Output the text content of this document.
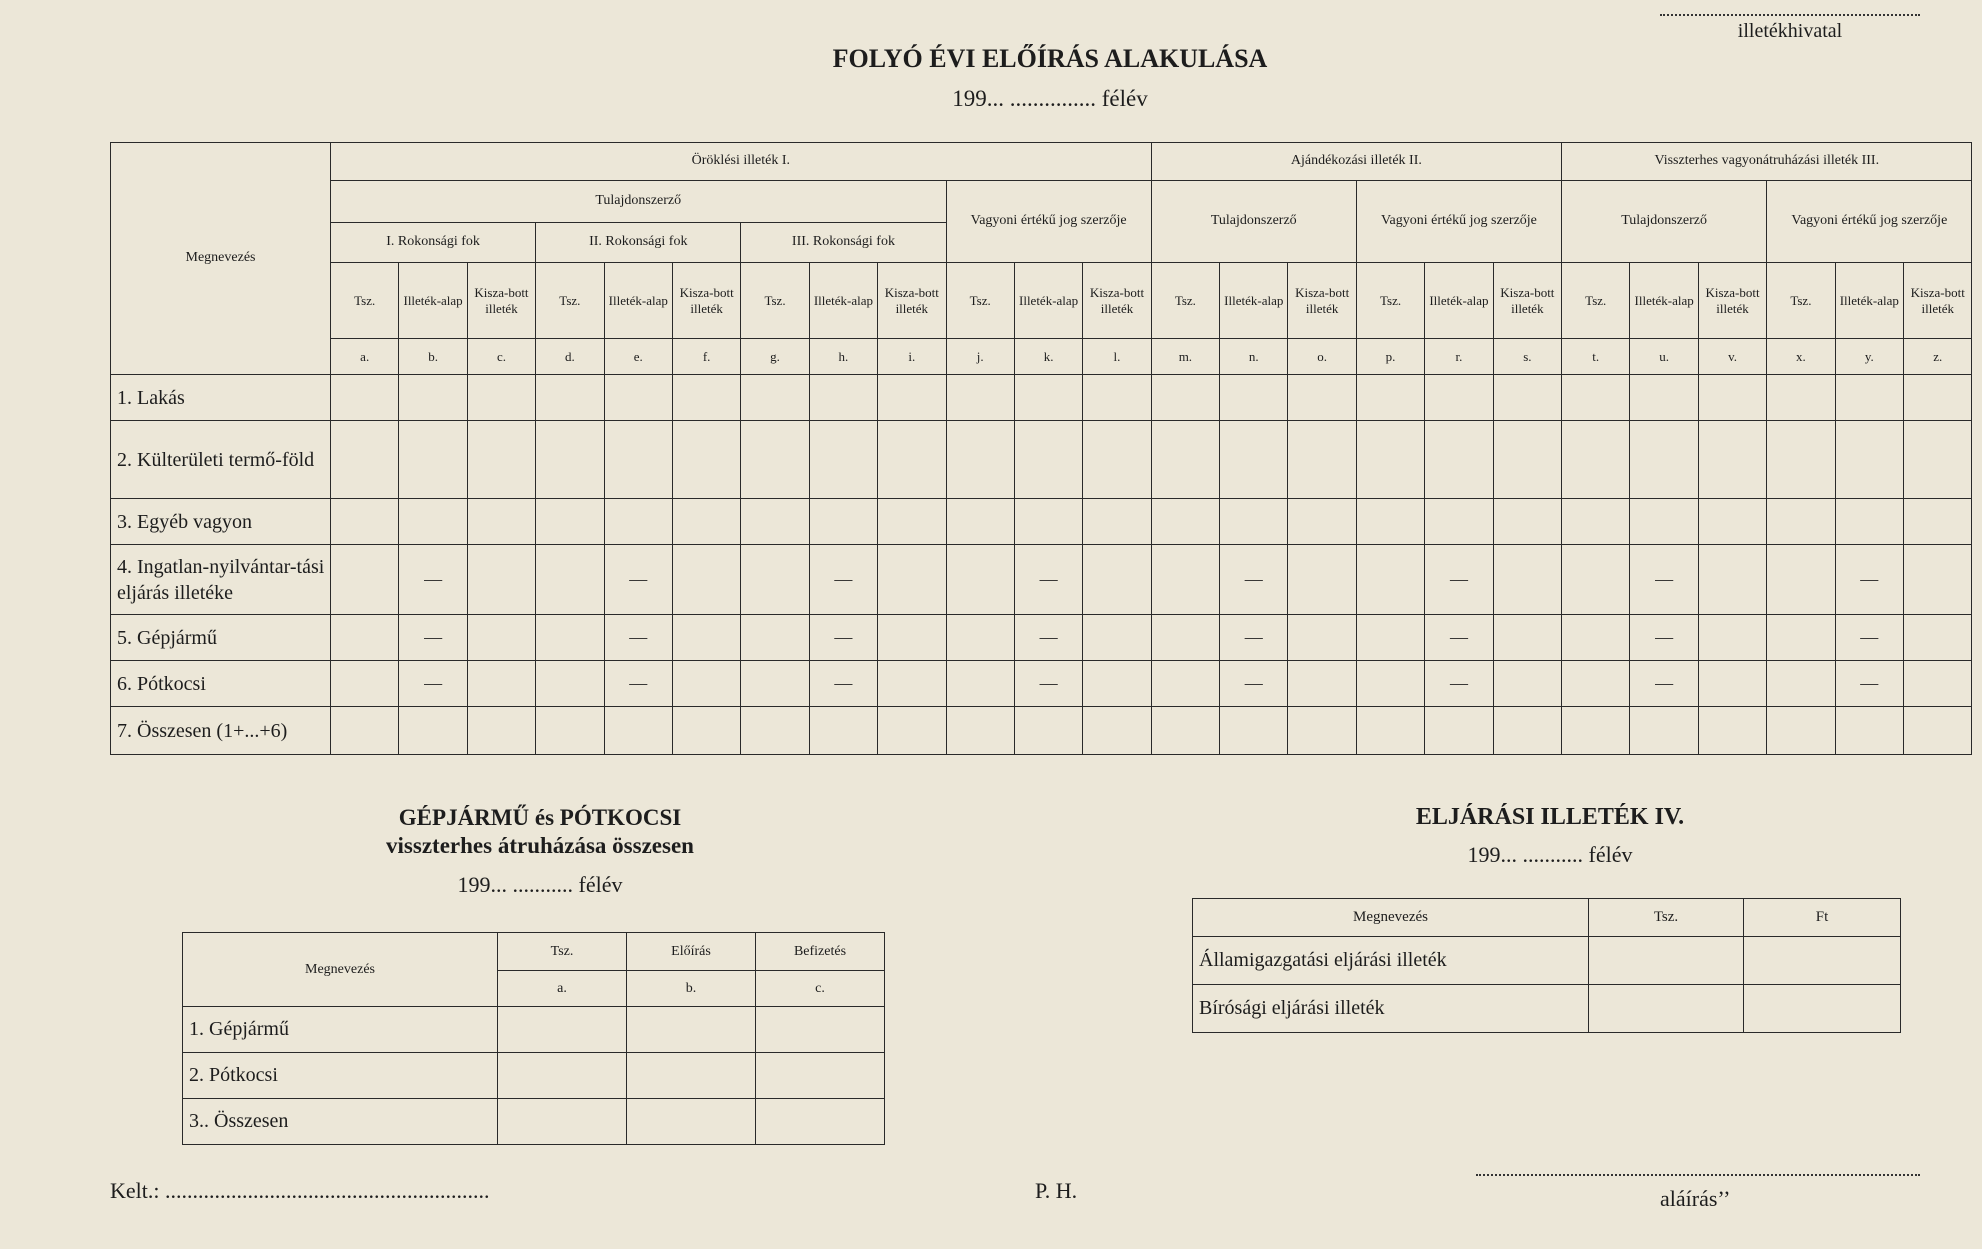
illetékhivatal
FOLYÓ ÉVI ELŐÍRÁS ALAKULÁSA
199... ............... félév
Megnevezés	Öröklési illeték I.												Ajándékozási illeték II.						Visszterhes vagyonátruházási illeték III.					
	Tulajdonszerző									Vagyoni értékű jog szerzője			Tulajdonszerző			Vagyoni értékű jog szerzője			Tulajdonszerző			Vagyoni értékű jog szerzője		
	I. Rokonsági fok			II. Rokonsági fok			III. Rokonsági fok																	
	Tsz.	Illeték-alap	Kisza-bott illeték	Tsz.	Illeték-alap	Kisza-bott illeték	Tsz.	Illeték-alap	Kisza-bott illeték	Tsz.	Illeték-alap	Kisza-bott illeték	Tsz.	Illeték-alap	Kisza-bott illeték	Tsz.	Illeték-alap	Kisza-bott illeték	Tsz.	Illeték-alap	Kisza-bott illeték	Tsz.	Illeték-alap	Kisza-bott illeték
	a.	b.	c.	d.	e.	f.	g.	h.	i.	j.	k.	l.	m.	n.	o.	p.	r.	s.	t.	u.	v.	x.	y.	z.
1. Lakás																								
2. Külterületi termő-föld																								
3. Egyéb vagyon																								
4. Ingatlan-nyilvántar-tási eljárás illetéke		—			—			—			—			—			—			—			—	
5. Gépjármű		—			—			—			—			—			—			—			—	
6. Pótkocsi		—			—			—			—			—			—			—			—	
7. Összesen (1+...+6)																								
GÉPJÁRMŰ és PÓTKOCSI
visszterhes átruházása összesen
199... ........... félév
Megnevezés	Tsz.	Előírás	Befizetés
	a.	b.	c.
1. Gépjármű			
2. Pótkocsi			
3.. Összesen			
ELJÁRÁSI ILLETÉK IV.
199... ........... félév
Megnevezés	Tsz.	Ft
Államigazgatási eljárási illeték		
Bírósági eljárási illeték		
Kelt.: ...........................................................	P. H.	aláírás’’
